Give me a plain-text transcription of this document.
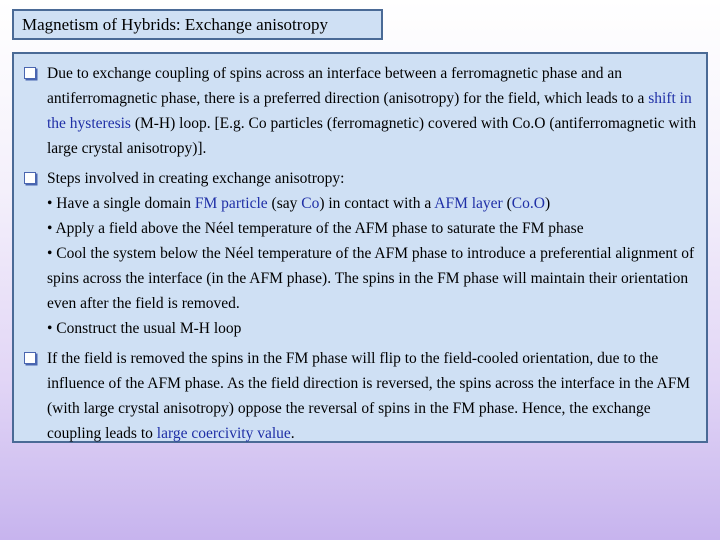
Magnetism of Hybrids: Exchange anisotropy
Due to exchange coupling of spins across an interface between a ferromagnetic phase and an antiferromagnetic phase, there is a preferred direction (anisotropy) for the field, which leads to a shift in the hysteresis (M-H) loop. [E.g. Co particles (ferromagnetic) covered with Co.O (antiferromagnetic with large crystal anisotropy)].
Steps involved in creating exchange anisotropy:
• Have a single domain FM particle (say Co) in contact with a AFM layer (Co.O)
• Apply a field above the Néel temperature of the AFM phase to saturate the FM phase
• Cool the system below the Néel temperature of the AFM phase to introduce a preferential alignment of spins across the interface (in the AFM phase). The spins in the FM phase will maintain their orientation even after the field is removed.
• Construct the usual M-H loop
If the field is removed the spins in the FM phase will flip to the field-cooled orientation, due to the influence of the AFM phase. As the field direction is reversed, the spins across the interface in the AFM (with large crystal anisotropy) oppose the reversal of spins in the FM phase. Hence, the exchange coupling leads to large coercivity value.
